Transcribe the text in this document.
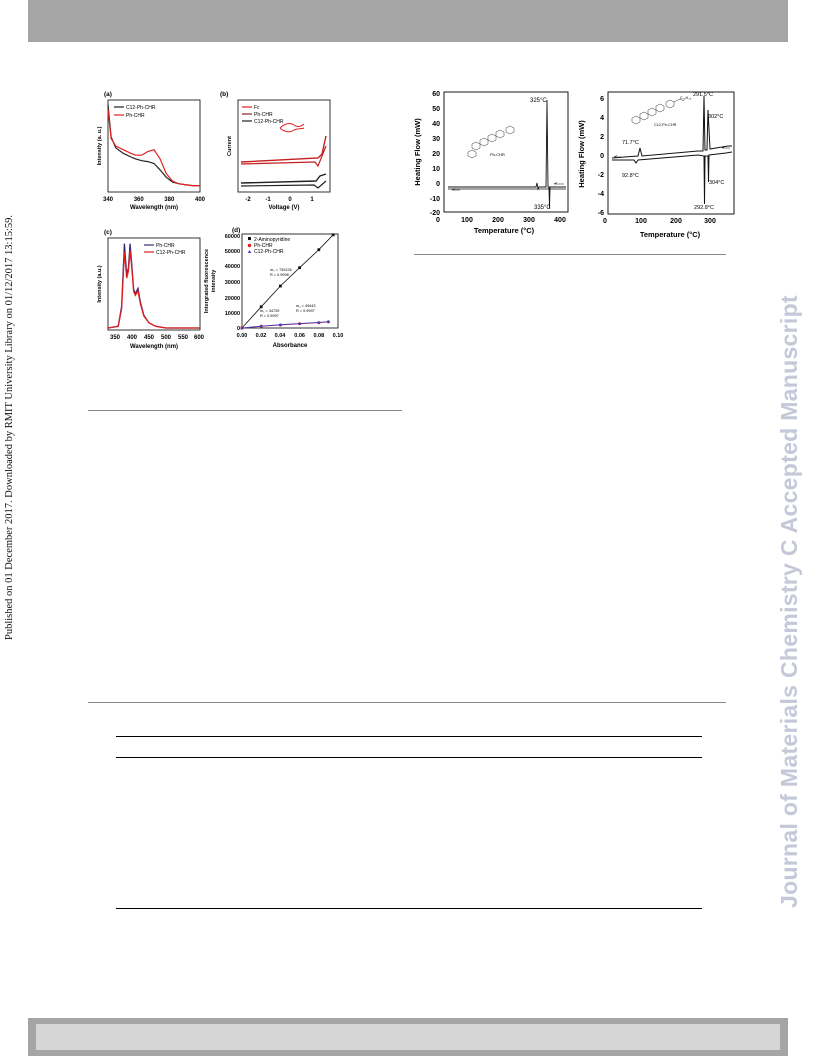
Published on 01 December 2017. Downloaded by RMIT University Library on 01/12/2017 13:15:59.	Journal of Materials Chemistry C Accepted Manuscript
(a)
C12-Ph-CHR
Ph-CHR
340	360	380	400
Wavelength (nm)
Intensity (a. u.)
(b)
Fc
Ph-CHR
C12-Ph-CHR
-2 -1	0	1
Voltage (V)
Current
(c)
Ph-CHR
C12-Ph-CHR
350 400 450 500 550 600
Wavelength (nm)
Intensity (a.u.)
(d)
2-Aminopyridine
Ph-CHR
C12-Ph-CHR
m₀ = 730226
R = 0.9998
m₁ = 34739
R = 0.9997
m₂ = 49443
R = 0.9997
0
10000
20000
30000
40000
50000
60000
0.00 0.02 0.04 0.06 0.08 0.10
Absorbance
Intergrated fluorescence intensity
60
50
40
30
20
10
0
-10
-20
0	100	200	300	400
Temperature (°C)
Heating Flow (mW)
325°C
335°C
Ph-CHR
6
4
2
0
-2
-4
-6
0	100	200	300
Temperature (°C)
Heating Flow (mW)
291.5°C
302°C
71.7°C
92.8°C
304°C
292.8°C
C₁₂H₂₅
C12-Ph-CHR
